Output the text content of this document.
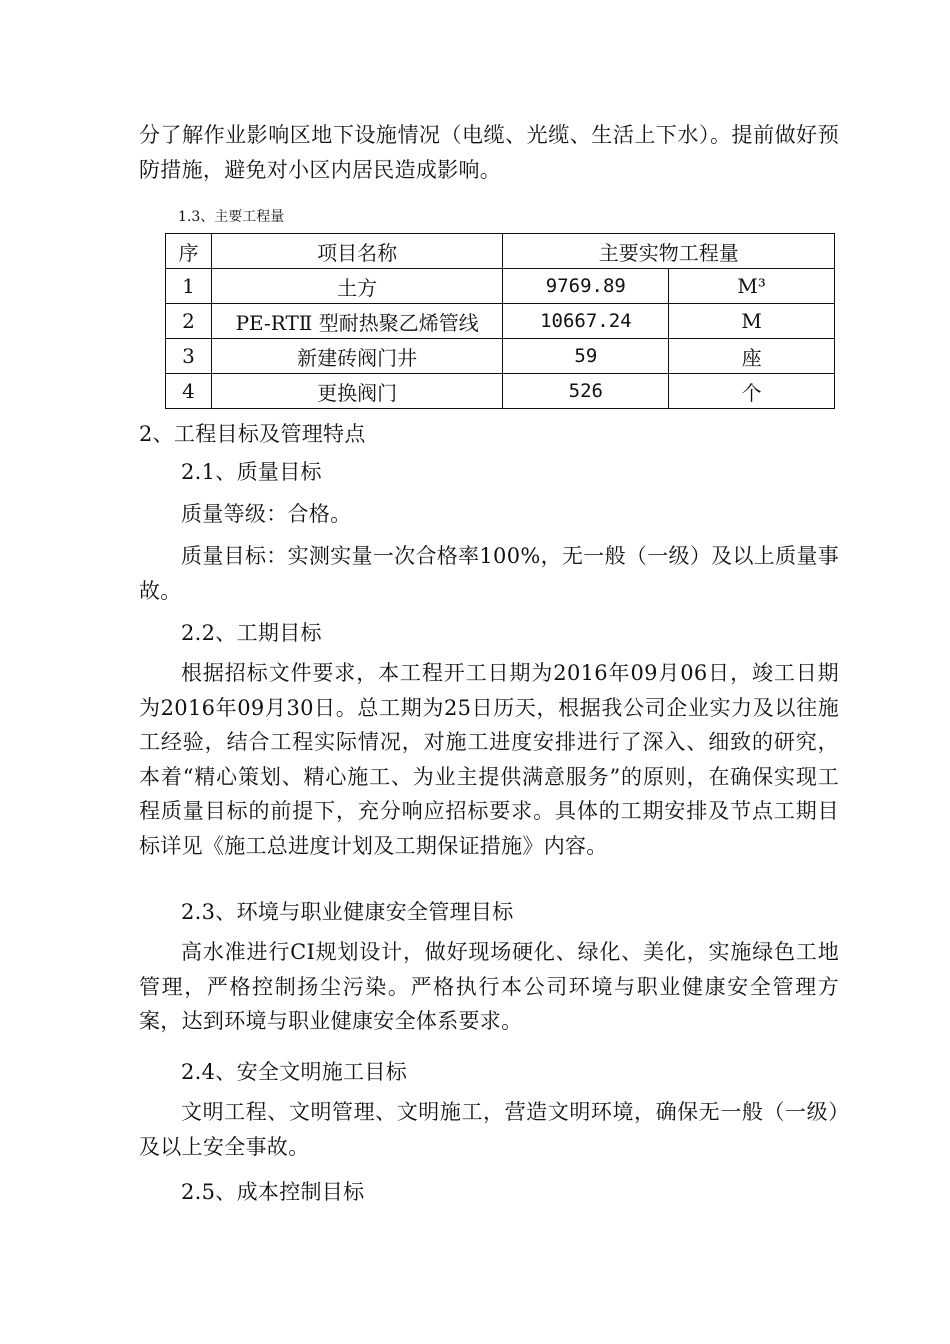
分了解作业影响区地下设施情况（电缆、光缆、生活上下水）。提前做好预防措施，避免对小区内居民造成影响。
1.3、主要工程量
序	项目名称	主要实物工程量	
1	土方	9769.89	M³
2	PE-RTⅡ 型耐热聚乙烯管线	10667.24	M
3	新建砖阀门井	59	座
4	更换阀门	526	个
2、工程目标及管理特点
2.1、质量目标
质量等级：合格。
质量目标：实测实量一次合格率100%，无一般（一级）及以上质量事故。
2.2、工期目标
根据招标文件要求，本工程开工日期为2016年09月06日，竣工日期为2016年09月30日。总工期为25日历天，根据我公司企业实力及以往施工经验，结合工程实际情况，对施工进度安排进行了深入、细致的研究，本着“精心策划、精心施工、为业主提供满意服务”的原则，在确保实现工程质量目标的前提下，充分响应招标要求。具体的工期安排及节点工期目标详见《施工总进度计划及工期保证措施》内容。
2.3、环境与职业健康安全管理目标
高水准进行CI规划设计，做好现场硬化、绿化、美化，实施绿色工地管理，严格控制扬尘污染。严格执行本公司环境与职业健康安全管理方案，达到环境与职业健康安全体系要求。
2.4、安全文明施工目标
文明工程、文明管理、文明施工，营造文明环境，确保无一般（一级）及以上安全事故。
2.5、成本控制目标
